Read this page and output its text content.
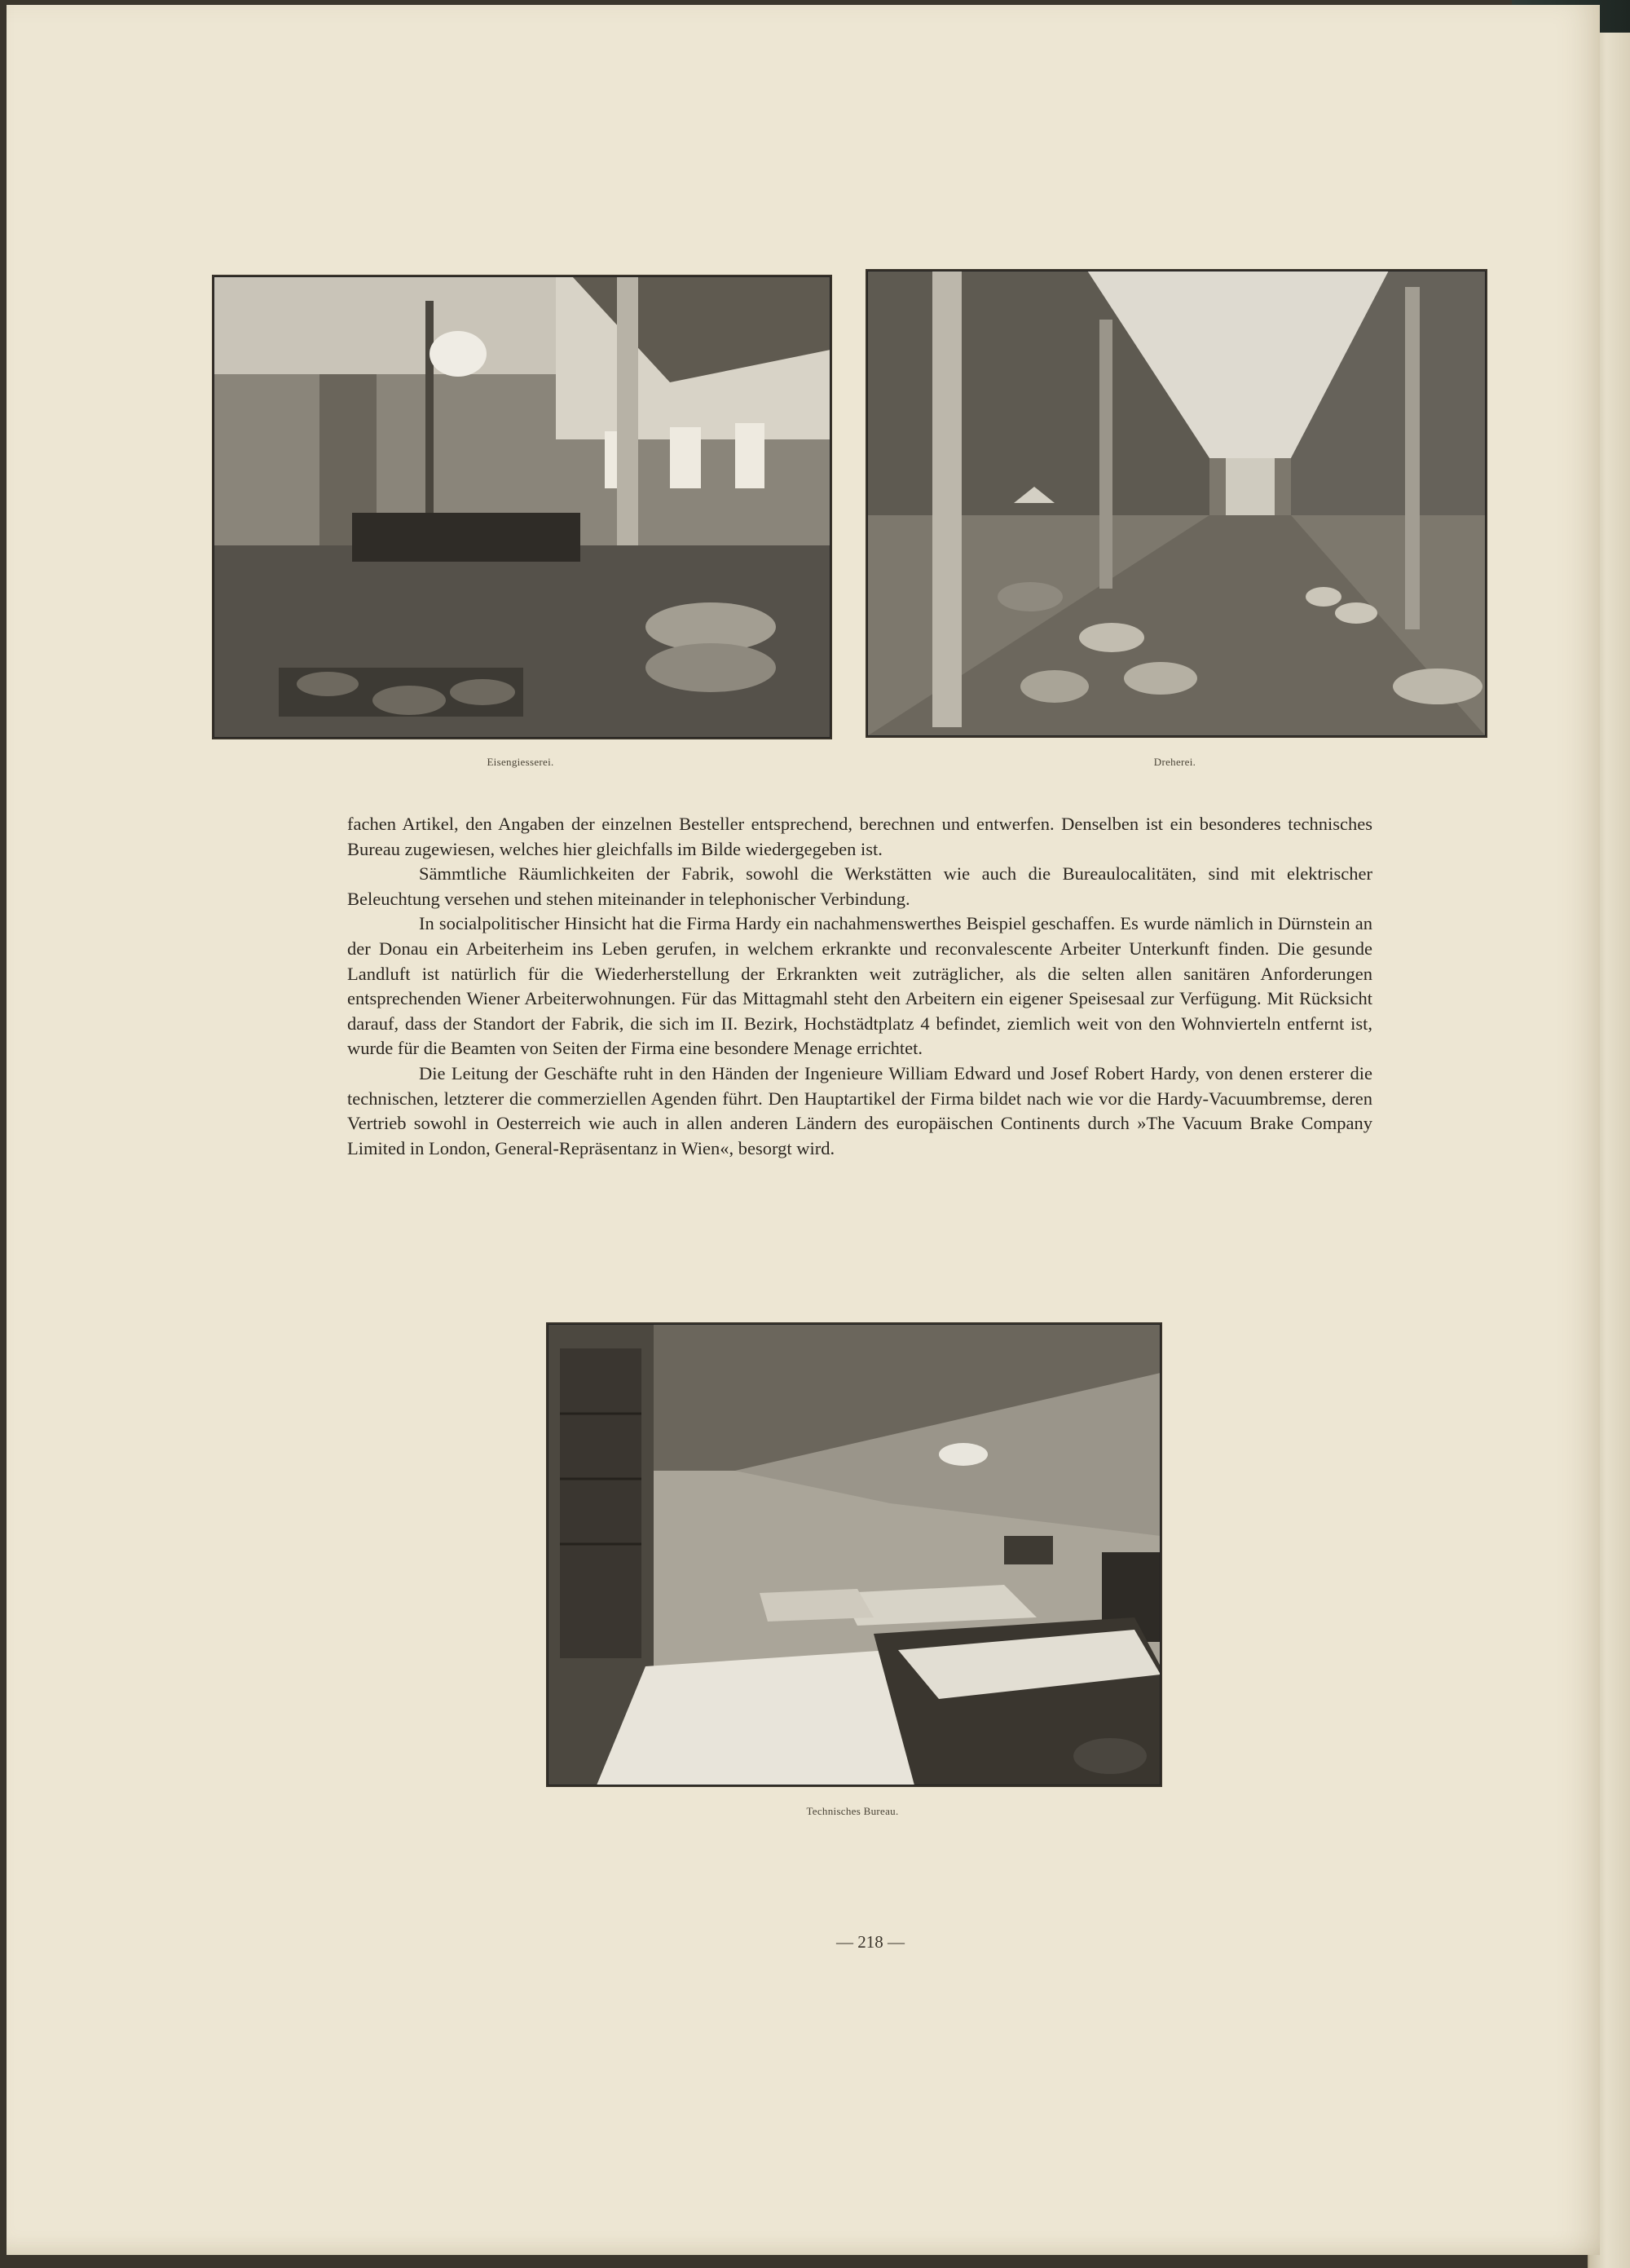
Eisengiesserei.	Dreherei.

fachen Artikel, den Angaben der einzelnen Besteller entsprechend, berechnen und entwerfen. Denselben ist ein besonderes technisches Bureau zugewiesen, welches hier gleichfalls im Bilde wiedergegeben ist.

Sämmtliche Räumlichkeiten der Fabrik, sowohl die Werkstätten wie auch die Bureaulocalitäten, sind mit elektrischer Beleuchtung versehen und stehen miteinander in telephonischer Verbindung.

In socialpolitischer Hinsicht hat die Firma Hardy ein nachahmenswerthes Beispiel geschaffen. Es wurde nämlich in Dürnstein an der Donau ein Arbeiterheim ins Leben gerufen, in welchem erkrankte und reconvalescente Arbeiter Unterkunft finden. Die gesunde Landluft ist natürlich für die Wiederherstellung der Erkrankten weit zuträglicher, als die selten allen sanitären Anforderungen entsprechenden Wiener Arbeiterwohnungen. Für das Mittagmahl steht den Arbeitern ein eigener Speisesaal zur Verfügung. Mit Rücksicht darauf, dass der Standort der Fabrik, die sich im II. Bezirk, Hochstädtplatz 4 befindet, ziemlich weit von den Wohnvierteln entfernt ist, wurde für die Beamten von Seiten der Firma eine besondere Menage errichtet.

Die Leitung der Geschäfte ruht in den Händen der Ingenieure William Edward und Josef Robert Hardy, von denen ersterer die technischen, letzterer die commerziellen Agenden führt. Den Hauptartikel der Firma bildet nach wie vor die Hardy-Vacuumbremse, deren Vertrieb sowohl in Oesterreich wie auch in allen anderen Ländern des europäischen Continents durch »The Vacuum Brake Company Limited in London, General-Repräsentanz in Wien«, besorgt wird.

Technisches Bureau.
— 218 —
